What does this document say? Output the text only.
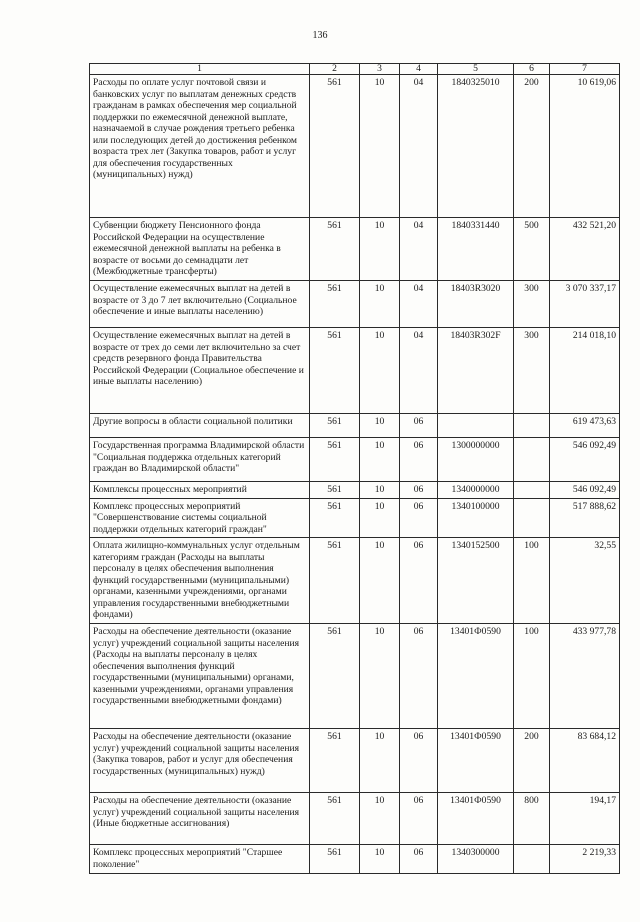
136
1	2	3	4	5	6	7
Расходы по оплате услуг почтовой связи и банковских услуг по выплатам денежных средств гражданам в рамках обеспечения мер социальной поддержки по ежемесячной денежной выплате, назначаемой в случае рождения третьего ребенка или последующих детей до достижения ребенком возраста трех лет (Закупка товаров, работ и услуг для обеспечения государственных (муниципальных) нужд)	561	10	04	1840325010	200	10 619,06
Субвенции бюджету Пенсионного фонда Российской Федерации на осуществление ежемесячной денежной выплаты на ребенка в возрасте от восьми до семнадцати лет (Межбюджетные трансферты)	561	10	04	1840331440	500	432 521,20
Осуществление ежемесячных выплат на детей в возрасте от 3 до 7 лет включительно (Социальное обеспечение и иные выплаты населению)	561	10	04	18403R3020	300	3 070 337,17
Осуществление ежемесячных выплат на детей в возрасте от трех до семи лет включительно за счет средств резервного фонда Правительства Российской Федерации (Социальное обеспечение и иные выплаты населению)	561	10	04	18403R302F	300	214 018,10
Другие вопросы в области социальной политики	561	10	06			619 473,63
Государственная программа Владимирской области "Социальная поддержка отдельных категорий граждан во Владимирской области"	561	10	06	1300000000		546 092,49
Комплексы процессных мероприятий	561	10	06	1340000000		546 092,49
Комплекс процессных мероприятий "Совершенствование системы социальной поддержки отдельных категорий граждан"	561	10	06	1340100000		517 888,62
Оплата жилищно-коммунальных услуг отдельным категориям граждан (Расходы на выплаты персоналу в целях обеспечения выполнения функций государственными (муниципальными) органами, казенными учреждениями, органами управления государственными внебюджетными фондами)	561	10	06	1340152500	100	32,55
Расходы на обеспечение деятельности (оказание услуг) учреждений социальной защиты населения (Расходы на выплаты персоналу в целях обеспечения выполнения функций государственными (муниципальными) органами, казенными учреждениями, органами управления государственными внебюджетными фондами)	561	10	06	13401Ф0590	100	433 977,78
Расходы на обеспечение деятельности (оказание услуг) учреждений социальной защиты населения (Закупка товаров, работ и услуг для обеспечения государственных (муниципальных) нужд)	561	10	06	13401Ф0590	200	83 684,12
Расходы на обеспечение деятельности (оказание услуг) учреждений социальной защиты населения (Иные бюджетные ассигнования)	561	10	06	13401Ф0590	800	194,17
Комплекс процессных мероприятий "Старшее поколение"	561	10	06	1340300000		2 219,33
